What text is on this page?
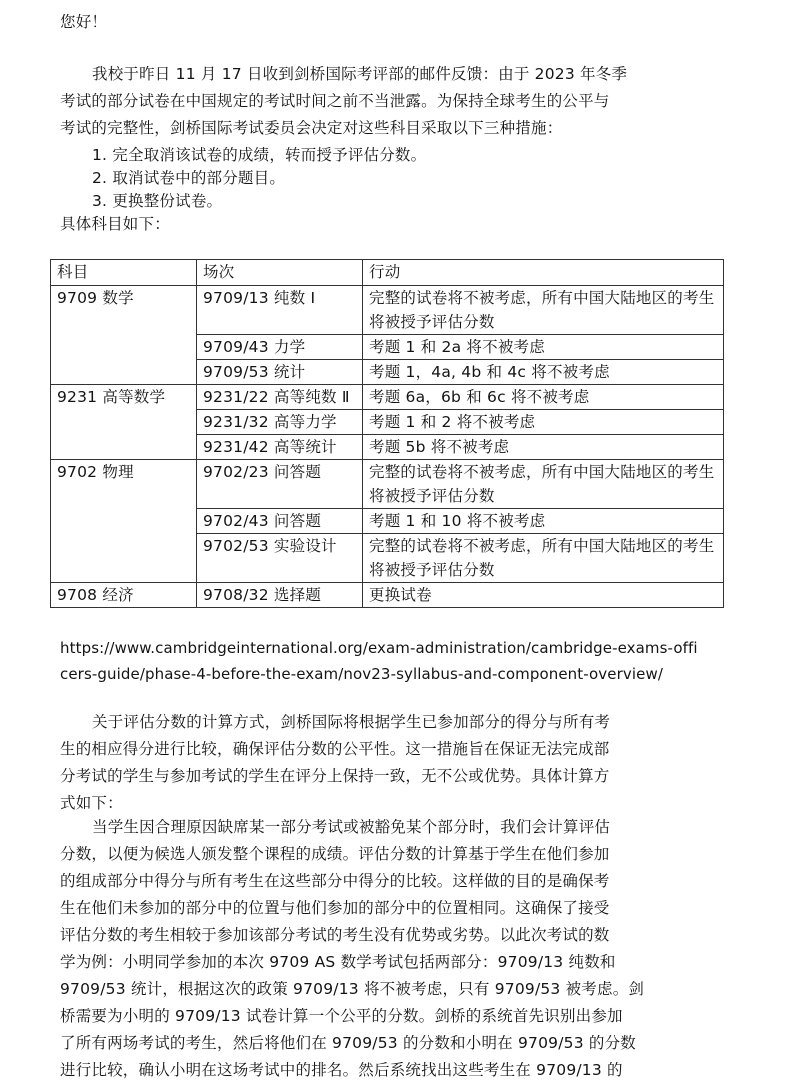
您好！
我校于昨日 11 月 17 日收到剑桥国际考评部的邮件反馈：由于 2023 年冬季
考试的部分试卷在中国规定的考试时间之前不当泄露。为保持全球考生的公平与
考试的完整性，剑桥国际考试委员会决定对这些科目采取以下三种措施：
1. 完全取消该试卷的成绩，转而授予评估分数。
2. 取消试卷中的部分题目。
3. 更换整份试卷。
具体科目如下：
科目	场次	行动
9709 数学	9709/13 纯数 Ⅰ	完整的试卷将不被考虑，所有中国大陆地区的考生将被授予评估分数
	9709/43 力学	考题 1 和 2a 将不被考虑
	9709/53 统计	考题 1，4a, 4b 和 4c 将不被考虑
9231 高等数学	9231/22 高等纯数 Ⅱ	考题 6a，6b 和 6c 将不被考虑
	9231/32 高等力学	考题 1 和 2 将不被考虑
	9231/42 高等统计	考题 5b 将不被考虑
9702 物理	9702/23 问答题	完整的试卷将不被考虑，所有中国大陆地区的考生将被授予评估分数
	9702/43 问答题	考题 1 和 10 将不被考虑
	9702/53 实验设计	完整的试卷将不被考虑，所有中国大陆地区的考生将被授予评估分数
9708 经济	9708/32 选择题	更换试卷
https://www.cambridgeinternational.org/exam-administration/cambridge-exams-offi
cers-guide/phase-4-before-the-exam/nov23-syllabus-and-component-overview/
关于评估分数的计算方式，剑桥国际将根据学生已参加部分的得分与所有考
生的相应得分进行比较，确保评估分数的公平性。这一措施旨在保证无法完成部
分考试的学生与参加考试的学生在评分上保持一致，无不公或优势。具体计算方
式如下：
当学生因合理原因缺席某一部分考试或被豁免某个部分时，我们会计算评估
分数，以便为候选人颁发整个课程的成绩。评估分数的计算基于学生在他们参加
的组成部分中得分与所有考生在这些部分中得分的比较。这样做的目的是确保考
生在他们未参加的部分中的位置与他们参加的部分中的位置相同。这确保了接受
评估分数的考生相较于参加该部分考试的考生没有优势或劣势。以此次考试的数
学为例：小明同学参加的本次 9709 AS 数学考试包括两部分：9709/13 纯数和
9709/53 统计，根据这次的政策 9709/13 将不被考虑，只有 9709/53 被考虑。剑
桥需要为小明的 9709/13 试卷计算一个公平的分数。剑桥的系统首先识别出参加
了所有两场考试的考生，然后将他们在 9709/53 的分数和小明在 9709/53 的分数
进行比较，确认小明在这场考试中的排名。然后系统找出这些考生在 9709/13 的
